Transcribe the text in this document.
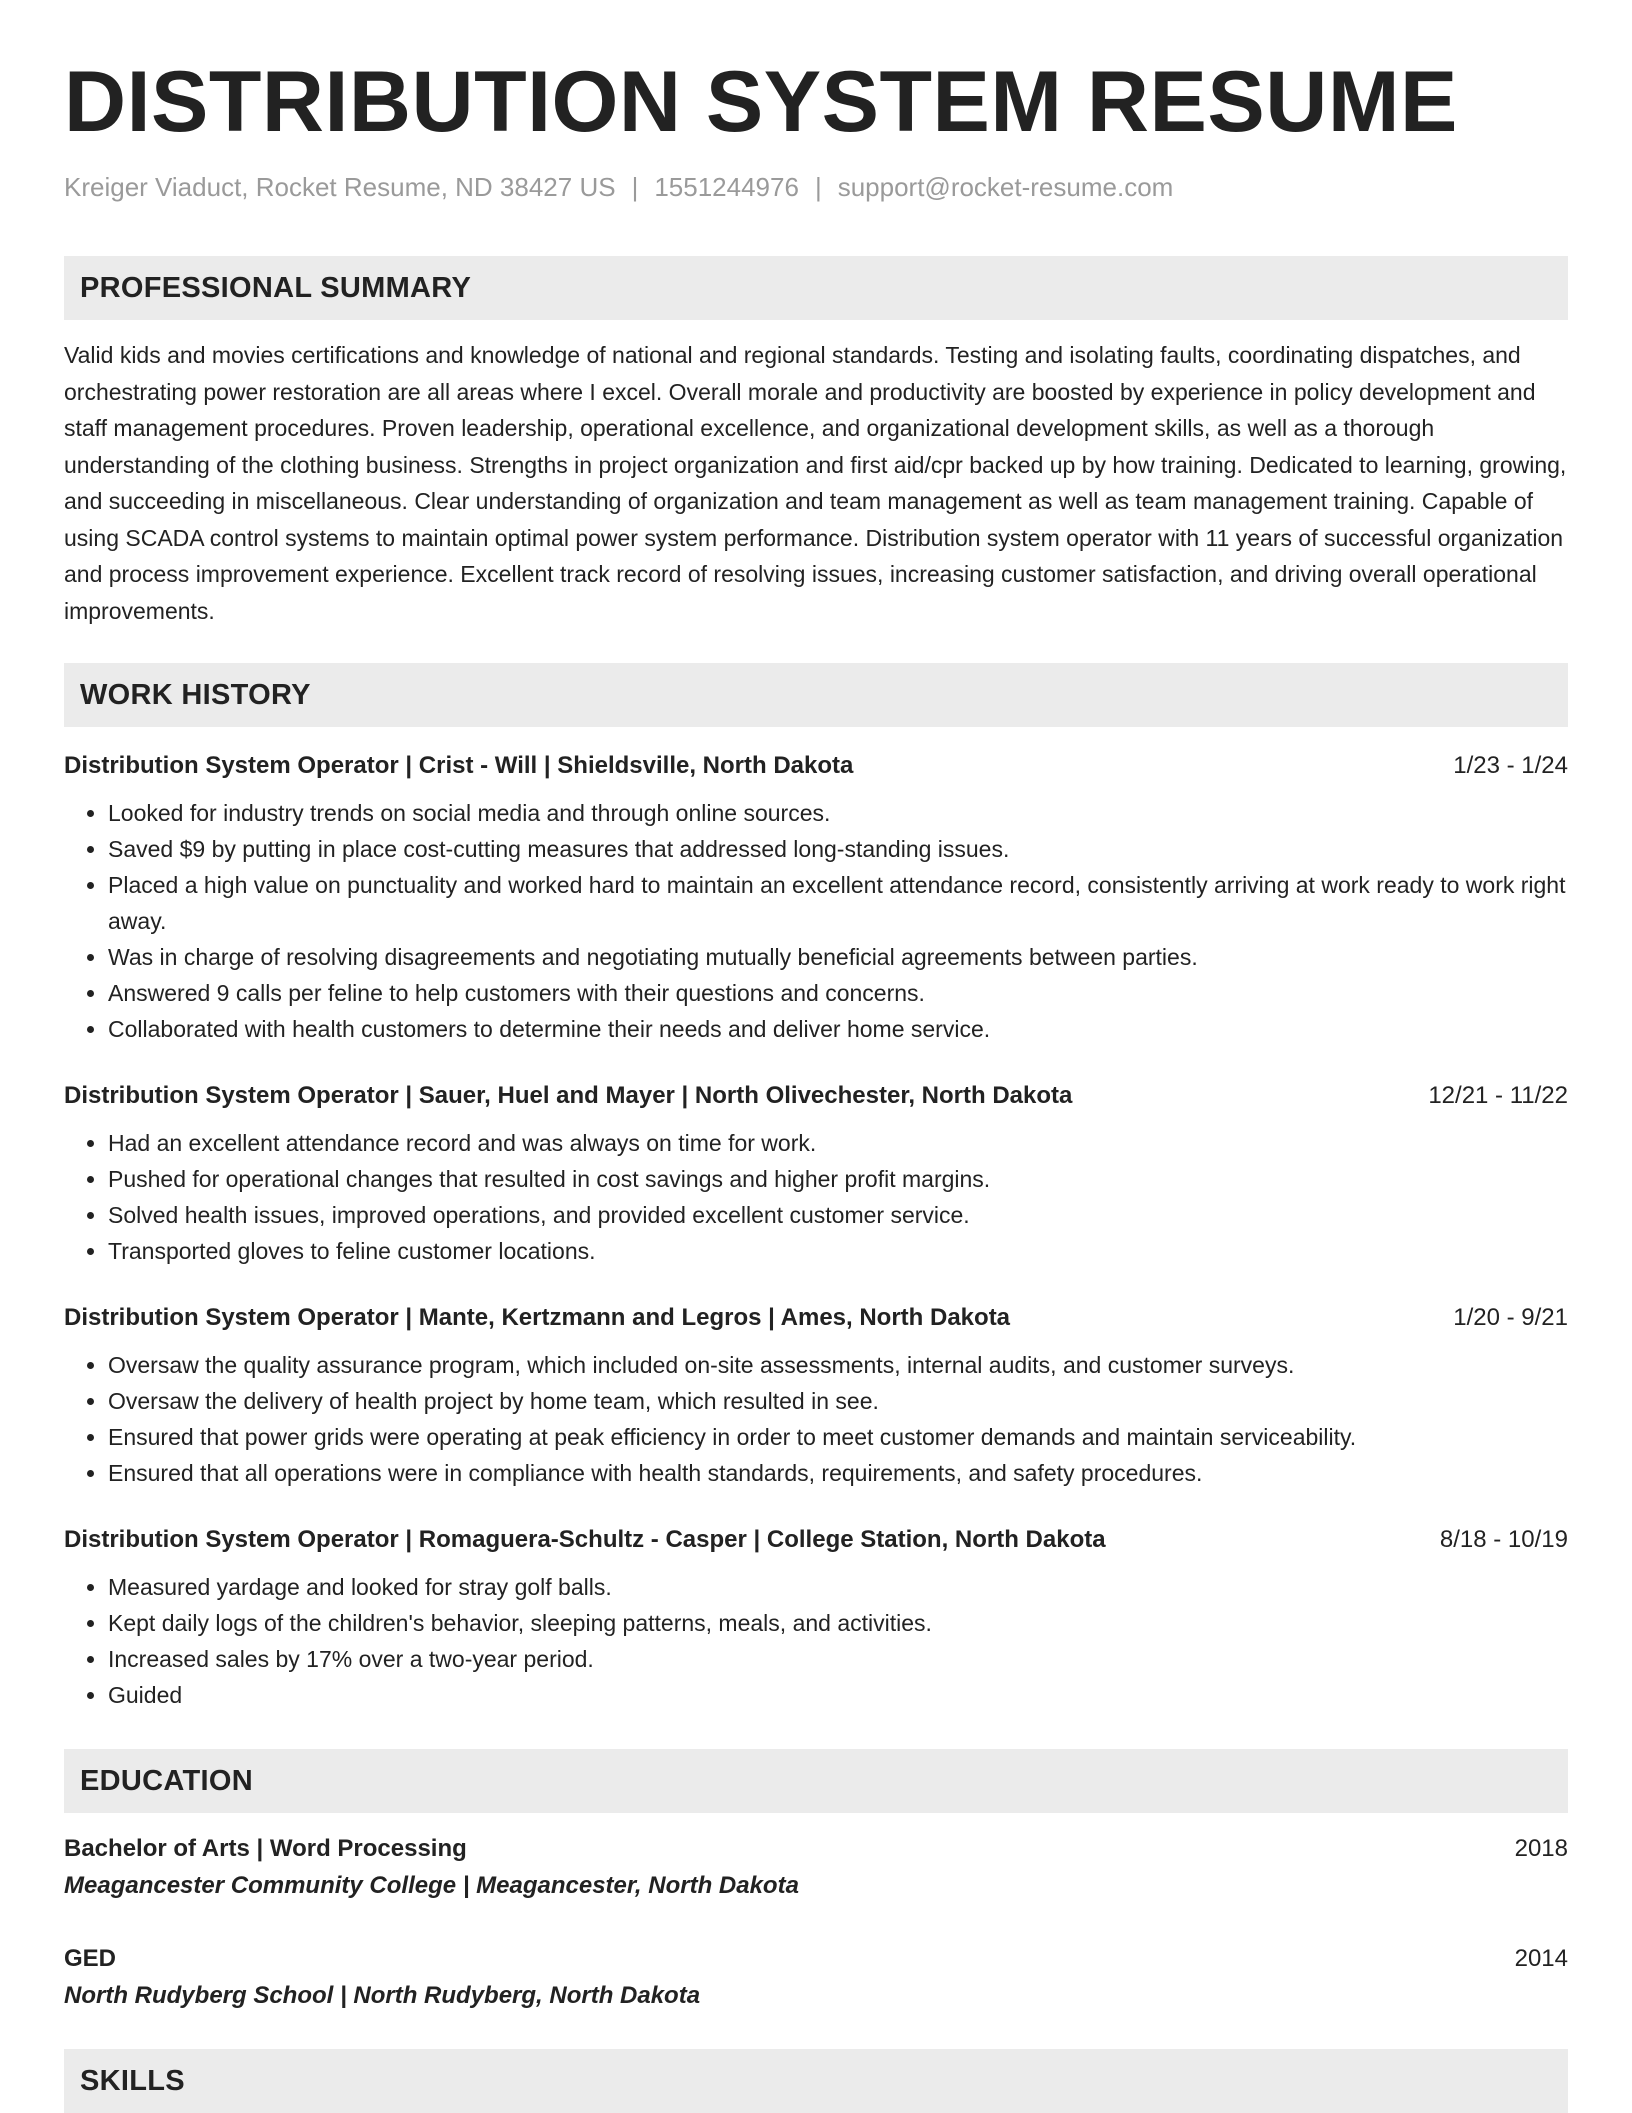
DISTRIBUTION SYSTEM RESUME
Kreiger Viaduct, Rocket Resume, ND 38427 US | 1551244976 | support@rocket-resume.com
PROFESSIONAL SUMMARY

Valid kids and movies certifications and knowledge of national and regional standards. Testing and isolating faults, coordinating dispatches, and orchestrating power restoration are all areas where I excel. Overall morale and productivity are boosted by experience in policy development and staff management procedures. Proven leadership, operational excellence, and organizational development skills, as well as a thorough understanding of the clothing business. Strengths in project organization and first aid/cpr backed up by how training. Dedicated to learning, growing, and succeeding in miscellaneous. Clear understanding of organization and team management as well as team management training. Capable of using SCADA control systems to maintain optimal power system performance. Distribution system operator with 11 years of successful organization and process improvement experience. Excellent track record of resolving issues, increasing customer satisfaction, and driving overall operational improvements.

WORK HISTORY
Distribution System Operator | Crist - Will | Shieldsville, North Dakota	1/23 - 1/24
• Looked for industry trends on social media and through online sources.
• Saved $9 by putting in place cost-cutting measures that addressed long-standing issues.
• Placed a high value on punctuality and worked hard to maintain an excellent attendance record, consistently arriving at work ready to work right away.
• Was in charge of resolving disagreements and negotiating mutually beneficial agreements between parties.
• Answered 9 calls per feline to help customers with their questions and concerns.
• Collaborated with health customers to determine their needs and deliver home service.
Distribution System Operator | Sauer, Huel and Mayer | North Olivechester, North Dakota	12/21 - 11/22
• Had an excellent attendance record and was always on time for work.
• Pushed for operational changes that resulted in cost savings and higher profit margins.
• Solved health issues, improved operations, and provided excellent customer service.
• Transported gloves to feline customer locations.
Distribution System Operator | Mante, Kertzmann and Legros | Ames, North Dakota	1/20 - 9/21
• Oversaw the quality assurance program, which included on-site assessments, internal audits, and customer surveys.
• Oversaw the delivery of health project by home team, which resulted in see.
• Ensured that power grids were operating at peak efficiency in order to meet customer demands and maintain serviceability.
• Ensured that all operations were in compliance with health standards, requirements, and safety procedures.
Distribution System Operator | Romaguera-Schultz - Casper | College Station, North Dakota	8/18 - 10/19
• Measured yardage and looked for stray golf balls.
• Kept daily logs of the children's behavior, sleeping patterns, meals, and activities.
• Increased sales by 17% over a two-year period.
• Guided
EDUCATION
Bachelor of Arts | Word Processing	2018
Meagancester Community College | Meagancester, North Dakota
GED	2014
North Rudyberg School | North Rudyberg, North Dakota
SKILLS
